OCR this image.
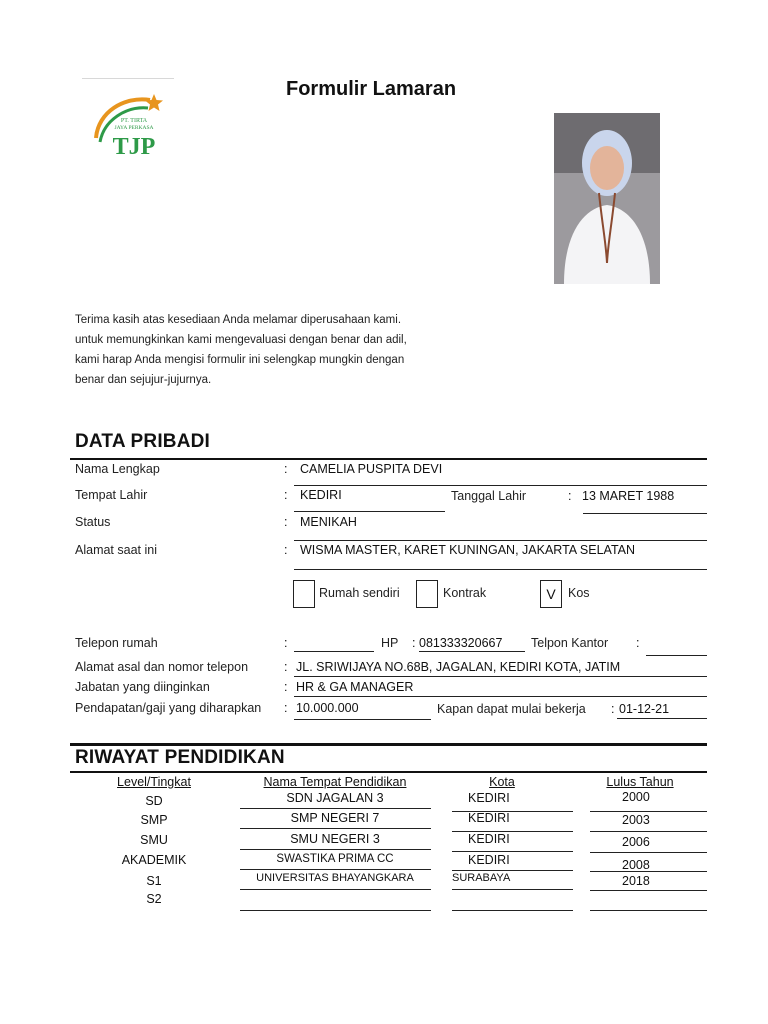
PT. TIRTA
JAYA PERKASA
TJP
Formulir Lamaran
Terima kasih atas kesediaan Anda melamar diperusahaan kami.
untuk memungkinkan kami mengevaluasi dengan benar dan adil,
kami harap Anda mengisi formulir ini selengkap mungkin dengan
benar dan sejujur-jujurnya.
DATA PRIBADI
Nama Lengkap	: CAMELIA PUSPITA DEVI
Tempat Lahir	: KEDIRI	Tanggal Lahir	: 13 MARET 1988
Status	: MENIKAH
Alamat saat ini	: WISMA MASTER, KARET KUNINGAN, JAKARTA SELATAN
Rumah sendiri	Kontrak	V Kos
Telepon rumah	:	HP : 081333320667 Telpon Kantor :
Alamat asal dan nomor telepon	: JL. SRIWIJAYA NO.68B, JAGALAN, KEDIRI KOTA, JATIM
Jabatan yang diinginkan	: HR & GA MANAGER
Pendapatan/gaji yang diharapkan : 10.000.000	Kapan dapat mulai bekerja : 01-12-21
RIWAYAT PENDIDIKAN
Level/Tingkat	Nama Tempat Pendidikan	Kota	Lulus Tahun
SD	SDN JAGALAN 3	KEDIRI	2000
SMP	SMP NEGERI 7	KEDIRI	2003
SMU	SMU NEGERI 3	KEDIRI	2006
AKADEMIK	SWASTIKA PRIMA CC	KEDIRI	2008
S1	UNIVERSITAS BHAYANGKARA	SURABAYA	2018
S2
